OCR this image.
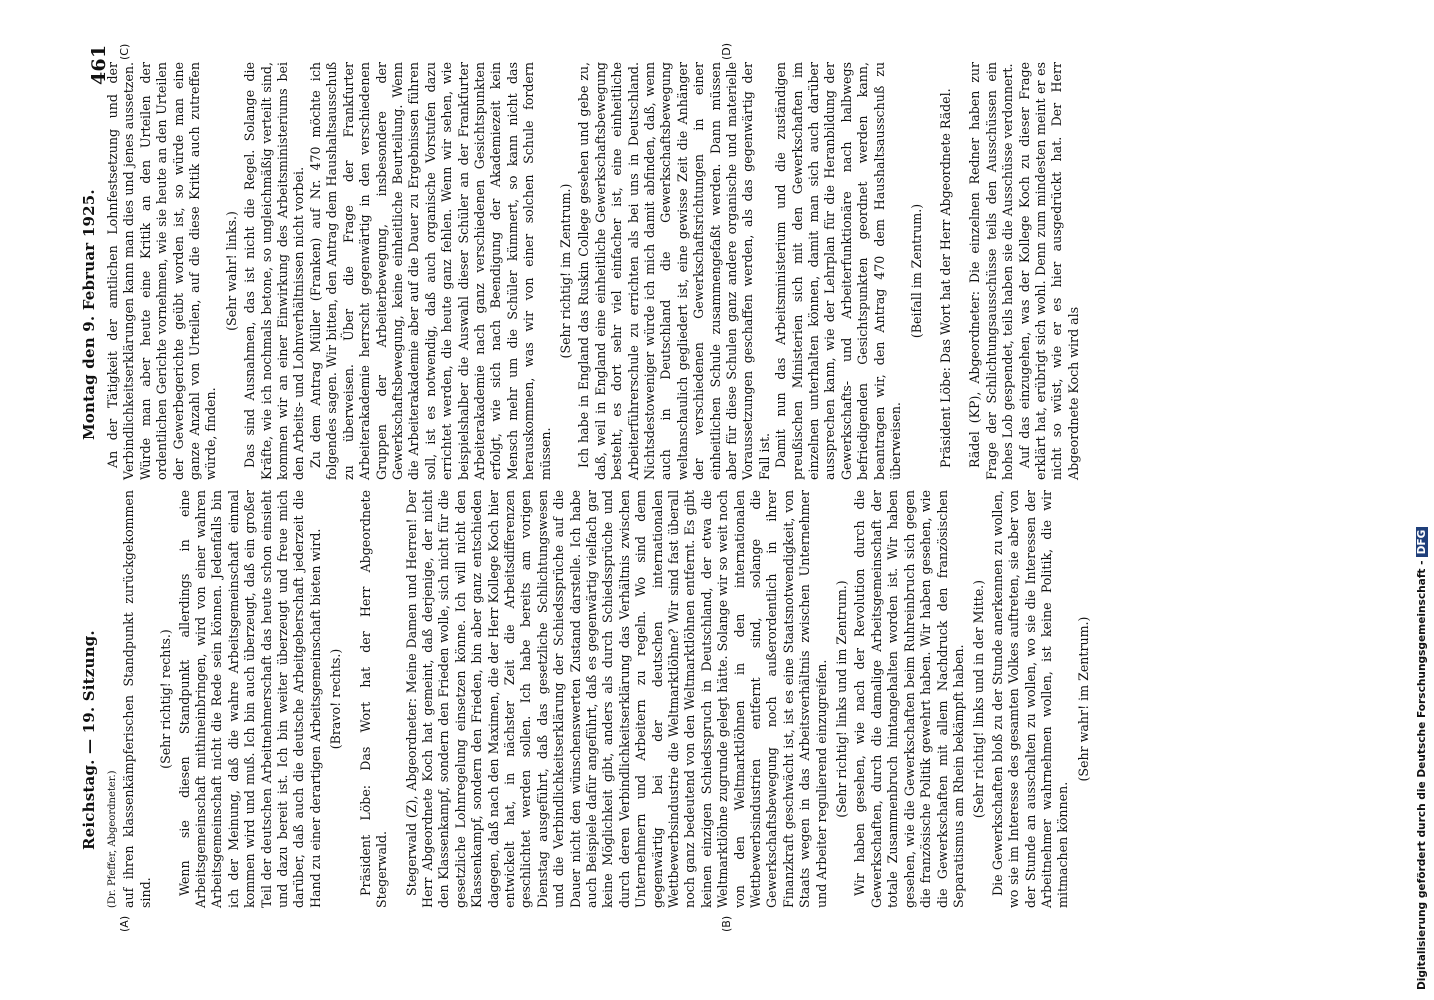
Reichstag. — 19. Sitzung.
Montag den 9. Februar 1925.
461
(A)	(B)
(C)	(D)

(Dr. Pfeffer, Abgeordneter.) auf ihren klassenkämpferischen Standpunkt zurückgekommen sind.

(Sehr richtig! rechts.) Wenn sie diesen Standpunkt allerdings in eine Arbeitsgemeinschaft mithineinbringen, wird von einer wahren Arbeitsgemeinschaft nicht die Rede sein können. Jedenfalls bin ich der Meinung, daß die wahre Arbeitsgemeinschaft einmal kommen wird und muß. Ich bin auch überzeugt, daß ein großer Teil der deutschen Arbeitnehmerschaft das heute schon einsieht und dazu bereit ist. Ich bin weiter überzeugt und freue mich darüber, daß auch die deutsche Arbeitgeberschaft jederzeit die Hand zu einer derartigen Arbeitsgemeinschaft bieten wird. (Bravo! rechts.) Präsident Löbe: Das Wort hat der Herr Abgeordnete Stegerwald. Stegerwald (Z), Abgeordneter: Meine Damen und Herren! Der Herr Abgeordnete Koch hat gemeint, daß derjenige, der nicht den Klassenkampf, sondern den Frieden wolle, sich nicht für die gesetzliche Lohnregelung einsetzen könne. Ich will nicht den Klassenkampf, sondern den Frieden, bin aber ganz entschieden dagegen, daß nach den Maximen, die der Herr Kollege Koch hier entwickelt hat, in nächster Zeit die Arbeitsdifferenzen geschlichtet werden sollen. Ich habe bereits am vorigen Dienstag ausgeführt, daß das gesetzliche Schlichtungswesen und die Verbindlichkeitserklärung der Schiedssprüche auf die Dauer nicht den wünschenswerten Zustand darstelle. Ich habe auch Beispiele dafür angeführt, daß es gegenwärtig vielfach gar keine Möglichkeit gibt, anders als durch Schiedssprüche und durch deren Verbindlichkeitserklärung das Verhältnis zwischen Unternehmern und Arbeitern zu regeln. Wo sind denn gegenwärtig bei der deutschen internationalen Wettbewerbsindustrie die Weltmarktlöhne? Wir sind fast überall noch ganz bedeutend von den Weltmarktlöhnen entfernt. Es gibt keinen einzigen Schiedsspruch in Deutschland, der etwa die Weltmarktlöhne zugrunde gelegt hätte. Solange wir so weit noch von den Weltmarktlöhnen in den internationalen Wettbewerbsindustrien entfernt sind, solange die Gewerkschaftsbewegung noch außerordentlich in ihrer Finanzkraft geschwächt ist, ist es eine Staatsnotwendigkeit, von Staats wegen in das Arbeitsverhältnis zwischen Unternehmer und Arbeiter regulierend einzugreifen. (Sehr richtig! links und im Zentrum.) Wir haben gesehen, wie nach der Revolution durch die Gewerkschaften, durch die damalige Arbeitsgemeinschaft der totale Zusammenbruch hintangehalten worden ist. Wir haben gesehen, wie die Gewerkschaften beim Ruhreinbruch sich gegen die französische Politik gewehrt haben. Wir haben gesehen, wie die Gewerkschaften mit allem Nachdruck den französischen Separatismus am Rhein bekämpft haben. (Sehr richtig! links und in der Mitte.) Die Gewerkschaften bloß zu der Stunde anerkennen zu wollen, wo sie im Interesse des gesamten Volkes auftreten, sie aber von der Stunde an ausschalten zu wollen, wo sie die Interessen der Arbeitnehmer wahrnehmen wollen, ist keine Politik, die wir mitmachen können.

(Sehr wahr! im Zentrum.)

An der Tätigkeit der amtlichen Lohnfestsetzung und der Verbindlichkeitserklärungen kann man dies und jenes aussetzen. Würde man aber heute eine Kritik an den Urteilen der ordentlichen Gerichte vornehmen, wie sie heute an den Urteilen der Gewerbegerichte geübt worden ist, so würde man eine ganze Anzahl von Urteilen, auf die diese Kritik auch zutreffen würde, finden.

(Sehr wahr! links.) Das sind Ausnahmen, das ist nicht die Regel. Solange die Kräfte, wie ich nochmals betone, so ungleichmäßig verteilt sind, kommen wir an einer Einwirkung des Arbeitsministeriums bei den Arbeits- und Lohnverhältnissen nicht vorbei. Zu dem Antrag Müller (Franken) auf Nr. 470 möchte ich folgendes sagen. Wir bitten, den Antrag dem Haushaltsausschuß zu überweisen. Über die Frage der Frankfurter Arbeiterakademie herrscht gegenwärtig in den verschiedenen Gruppen der Arbeiterbewegung, insbesondere der Gewerkschaftsbewegung, keine einheitliche Beurteilung. Wenn die Arbeiterakademie aber auf die Dauer zu Ergebnissen führen soll, ist es notwendig, daß auch organische Vorstufen dazu errichtet werden, die heute ganz fehlen. Wenn wir sehen, wie beispielshalber die Auswahl dieser Schüler an der Frankfurter Arbeiterakademie nach ganz verschiedenen Gesichtspunkten erfolgt, wie sich nach Beendigung der Akademiezeit kein Mensch mehr um die Schüler kümmert, so kann nicht das herauskommen, was wir von einer solchen Schule fordern müssen.

(Sehr richtig! im Zentrum.) Ich habe in England das Ruskin College gesehen und gebe zu, daß, weil in England eine einheitliche Gewerkschaftsbewegung besteht, es dort sehr viel einfacher ist, eine einheitliche Arbeiterführerschule zu errichten als bei uns in Deutschland. Nichtsdestoweniger würde ich mich damit abfinden, daß, wenn auch in Deutschland die Gewerkschaftsbewegung weltanschaulich gegliedert ist, eine gewisse Zeit die Anhänger der verschiedenen Gewerkschaftsrichtungen in einer einheitlichen Schule zusammengefaßt werden. Dann müssen aber für diese Schulen ganz andere organische und materielle Voraussetzungen geschaffen werden, als das gegenwärtig der Fall ist. Damit nun das Arbeitsministerium und die zuständigen preußischen Ministerien sich mit den Gewerkschaften im einzelnen unterhalten können, damit man sich auch darüber aussprechen kann, wie der Lehrplan für die Heranbildung der Gewerkschafts- und Arbeiterfunktionäre nach halbwegs befriedigenden Gesichtspunkten geordnet werden kann, beantragen wir, den Antrag 470 dem Haushaltsausschuß zu überweisen.

(Beifall im Zentrum.) Präsident Löbe: Das Wort hat der Herr Abgeordnete Rädel. Rädel (KP), Abgeordneter: Die einzelnen Redner haben zur Frage der Schlichtungsausschüsse teils den Ausschüssen ein hohes Lob gespendet, teils haben sie die Ausschüsse verdonnert. Auf das einzugehen, was der Kollege Koch zu dieser Frage erklärt hat, erübrigt sich wohl. Denn zum mindesten meint er es nicht so wüst, wie er es hier ausgedrückt hat. Der Herr Abgeordnete Koch wird als

Digitalisierung gefördert durch die Deutsche Forschungsgemeinschaft -DFG
